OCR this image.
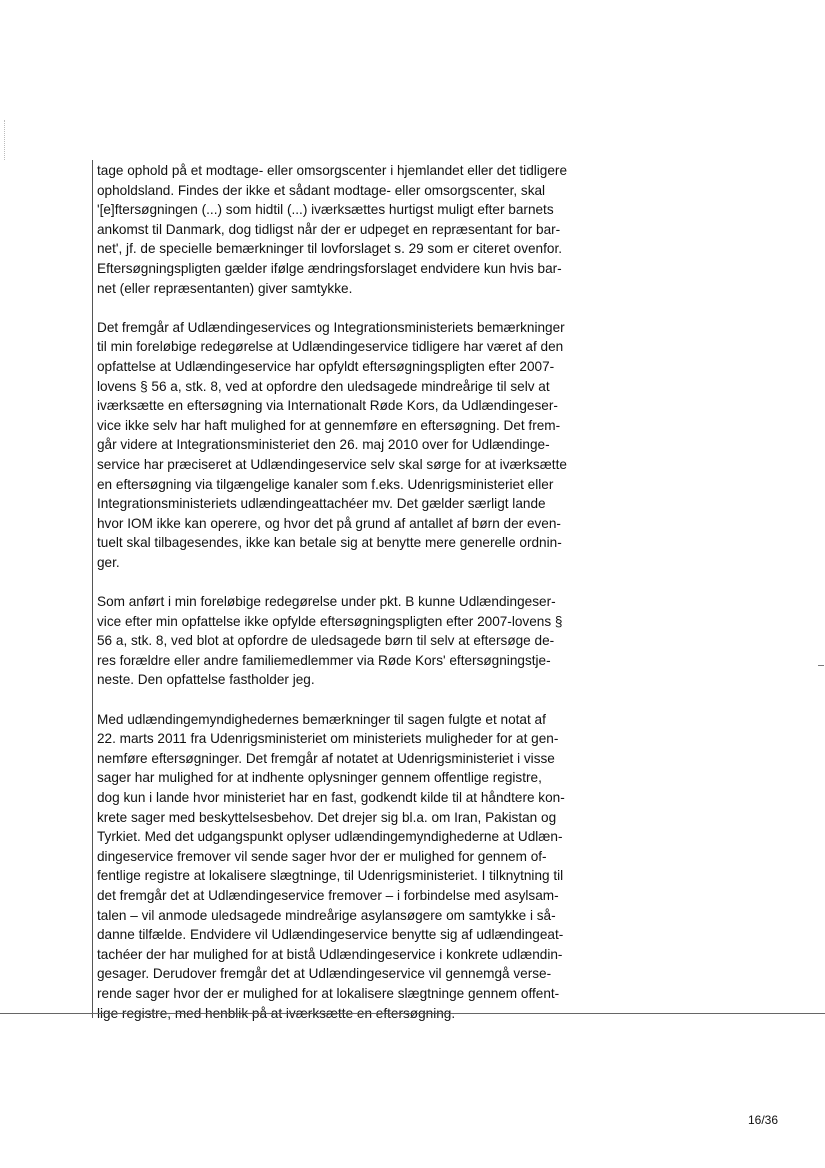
tage ophold på et modtage- eller omsorgscenter i hjemlandet eller det tidligere
opholdsland. Findes der ikke et sådant modtage- eller omsorgscenter, skal
'[e]ftersøgningen (...) som hidtil (...) iværksættes hurtigst muligt efter barnets
ankomst til Danmark, dog tidligst når der er udpeget en repræsentant for bar-
net', jf. de specielle bemærkninger til lovforslaget s. 29 som er citeret ovenfor.
Eftersøgningspligten gælder ifølge ændringsforslaget endvidere kun hvis bar-
net (eller repræsentanten) giver samtykke.

Det fremgår af Udlændingeservices og Integrationsministeriets bemærkninger
til min foreløbige redegørelse at Udlændingeservice tidligere har været af den
opfattelse at Udlændingeservice har opfyldt eftersøgningspligten efter 2007-
lovens § 56 a, stk. 8, ved at opfordre den uledsagede mindreårige til selv at
iværksætte en eftersøgning via Internationalt Røde Kors, da Udlændingeser-
vice ikke selv har haft mulighed for at gennemføre en eftersøgning. Det frem-
går videre at Integrationsministeriet den 26. maj 2010 over for Udlændinge-
service har præciseret at Udlændingeservice selv skal sørge for at iværksætte
en eftersøgning via tilgængelige kanaler som f.eks. Udenrigsministeriet eller
Integrationsministeriets udlændingeattachéer mv. Det gælder særligt lande
hvor IOM ikke kan operere, og hvor det på grund af antallet af børn der even-
tuelt skal tilbagesendes, ikke kan betale sig at benytte mere generelle ordnin-
ger.

Som anført i min foreløbige redegørelse under pkt. B kunne Udlændingeser-
vice efter min opfattelse ikke opfylde eftersøgningspligten efter 2007-lovens §
56 a, stk. 8, ved blot at opfordre de uledsagede børn til selv at eftersøge de-
res forældre eller andre familiemedlemmer via Røde Kors' eftersøgningstje-
neste. Den opfattelse fastholder jeg.

Med udlændingemyndighedernes bemærkninger til sagen fulgte et notat af
22. marts 2011 fra Udenrigsministeriet om ministeriets muligheder for at gen-
nemføre eftersøgninger. Det fremgår af notatet at Udenrigsministeriet i visse
sager har mulighed for at indhente oplysninger gennem offentlige registre,
dog kun i lande hvor ministeriet har en fast, godkendt kilde til at håndtere kon-
krete sager med beskyttelsesbehov. Det drejer sig bl.a. om Iran, Pakistan og
Tyrkiet. Med det udgangspunkt oplyser udlændingemyndighederne at Udlæn-
dingeservice fremover vil sende sager hvor der er mulighed for gennem of-
fentlige registre at lokalisere slægtninge, til Udenrigsministeriet. I tilknytning til
det fremgår det at Udlændingeservice fremover – i forbindelse med asylsam-
talen – vil anmode uledsagede mindreårige asylansøgere om samtykke i så-
danne tilfælde. Endvidere vil Udlændingeservice benytte sig af udlændingeat-
tachéer der har mulighed for at bistå Udlændingeservice i konkrete udlændin-
gesager. Derudover fremgår det at Udlændingeservice vil gennemgå verse-
rende sager hvor der er mulighed for at lokalisere slægtninge gennem offent-
lige registre, med henblik på at iværksætte en eftersøgning.

16/36
